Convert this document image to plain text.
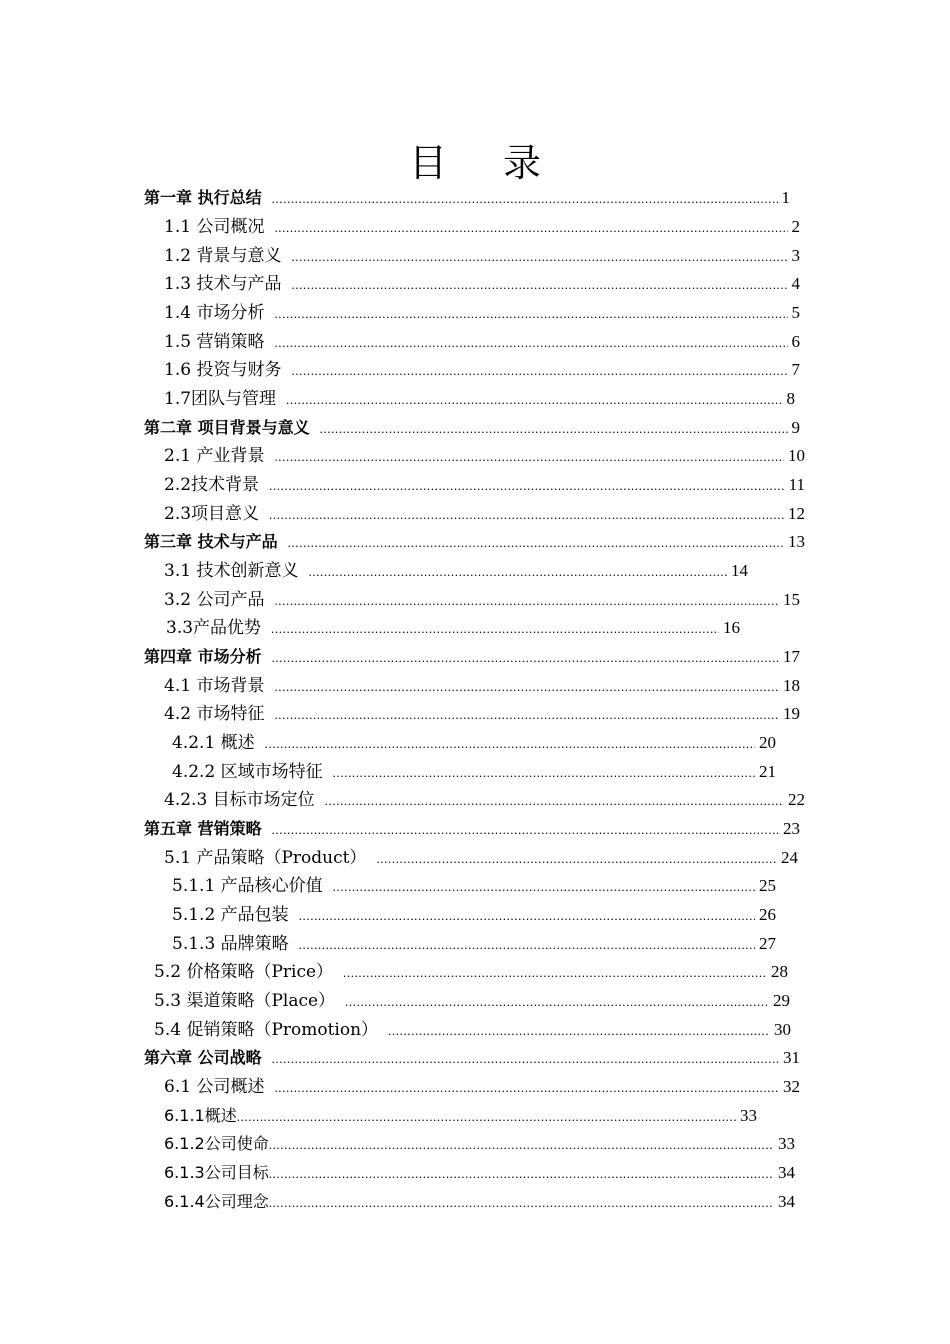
目 录
第一章 执行总结 .....	1
1.1 公司概况 .....	2
1.2 背景与意义 .....	3
1.3 技术与产品 .....	4
1.4 市场分析 .....	5
1.5 营销策略 .....	6
1.6 投资与财务 .....	7
1.7团队与管理 .....	8
第二章 项目背景与意义 .....	9
2.1 产业背景 .....	10
2.2技术背景 .....	11
2.3项目意义 .....	12
第三章 技术与产品 .....	13
3.1 技术创新意义 .....	14
3.2 公司产品 .....	15
3.3产品优势 .....	16
第四章 市场分析 .....	17
4.1 市场背景 .....	18
4.2 市场特征 .....	19
4.2.1 概述 .....	20
4.2.2 区域市场特征 .....	21
4.2.3 目标市场定位 .....	22
第五章 营销策略 .....	23
5.1 产品策略（Product） .....	24
5.1.1 产品核心价值 .....	25
5.1.2 产品包装 .....	26
5.1.3 品牌策略 .....	27
5.2 价格策略（Price） .....	28
5.3 渠道策略（Place） .....	29
5.4 促销策略（Promotion） .....	30
第六章 公司战略 .....	31
6.1 公司概述 .....	32
6.1.1概述 .....	33
6.1.2公司使命 .....	33
6.1.3公司目标 .....	34
6.1.4公司理念 .....	34
